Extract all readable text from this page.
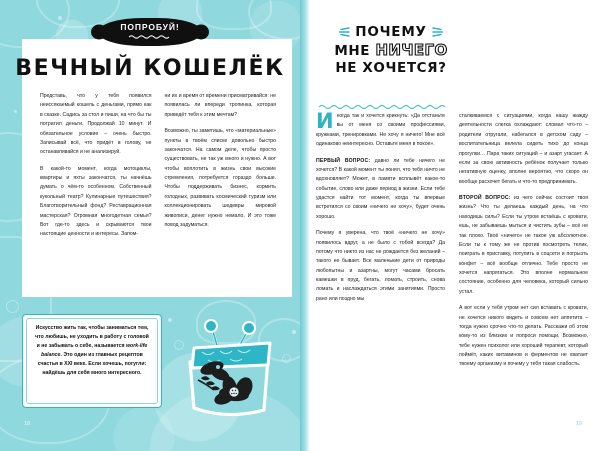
ПОПРОБУЙ!
ВЕЧНЫЙ КОШЕЛЁК

Представь, что у тебя появился неиссякаемый кошель с деньгами, прямо как в сказке. Садись за стол и пиши, на что бы ты потратил деньги. Продолжай 10 минут. И обязательное условие – очень быстро. Записывай всё, что придёт в голову, не останавливайся и не анализируй.

В какой-то момент, когда мотоциклы, квартиры и яхты закончатся, ты начнёшь думать о чём-то особенном. Собственный кукольный театр? Кулинарные путешествия? Благотворительный фонд? Реставрационная мастерская? Огромная многодетная семья? Вот где-то здесь и скрываются твои настоящие ценности и интересы. Запом-

ни их и время от времени присматривайся: не появилась ли впереди тропинка, которая приведёт тебя к этим мечтам?

Возможно, ты заметишь, что «материальные» пункты в твоём списке довольно быстро закончатся. На самом деле, чтобы просто существовать, не так уж много и нужно. А вот чтобы воплотить в жизнь свои высокие стремления, потребуется гораздо больше. Чтобы поддерживать бизнес, кормить голодных, развивать космический туризм или коллекционировать шедевры мировой живописи, денег нужно немало. И это тоже повод задуматься.

Искусство жить так, чтобы заниматься тем, что любишь, не уходить в работу с головой и не забывать о себе, называется work-life balance. Это один из главных рецептов счастья в XXI веке. Если хочешь, погугли: найдёшь для себя много интересного.

18
ПОЧЕМУ
МНЕ НИЧЕГО
НЕ ХОЧЕТСЯ?

Иногда так и хочется крикнуть: «Да отстаньте вы от меня со своими профессиями, кружками, тренировками. Не хочу я ничего! Мне всё одинаково неинтересно. Оставьте меня в покое».

ПЕРВЫЙ ВОПРОС: давно ли тебе ничего не хочется? В какой момент ты понял, что тебя ничто не вдохновляет? Может, в памяти всплывёт какое-то событие, слово или даже период в жизни. Если тебе удастся найти тот момент, когда ты впервые встретился со своим «ничего не хочу», будет очень хорошо.

Почему я уверена, что твоё «ничего не хочу» появилось вдруг, а не было с тобой всегда? Да потому что никто из нас не рождается без желаний – такого не бывает. Все маленькие дети от природы любопытны и азартны, могут часами бросать камешки в пруд, бегать, ломать, строить, снова ломать и наслаждаться этими занятиями. Просто рано или поздно мы

сталкиваемся с ситуациями, когда нашу жажду деятельности слегка охлаждают: сломал что-то – родители отругали, набегался в детском саду – воспитательница велела сидеть тихо до конца прогулки… Пара таких ситуаций – и азарт угасает. А если за свою активность ребёнок получает только негативную оценку, вполне вероятно, что скоро он вообще расхочет бегать и что-то предпринимать.

ВТОРОЙ ВОПРОС: из чего сейчас состоит твоя жизнь? Что ты делаешь каждый день, на что находишь силы? Если ты утром встаёшь с кровати, ешь, не забываешь мыться и чистить зубы – всё не так плохо. Твоё «ничего» не такое уж абсолютное. Если ты к тому же не против посмотреть телик, поиграть в приставку, потупить в соцсети и погрызть конфет – всё вообще отлично. Тебе просто не хочется напрягаться. Это вполне нормальное состояние, особенно для человека, который сильно устал.

А вот если у тебя утром нет сил вставать с кровати, не хочется никого видеть и совсем нет аппетита – тогда нужно срочно что-то делать. Расскажи об этом кому-то из близких и попроси помощи. Возможно, тебе нужен психолог или хороший терапевт, который поймёт, каких витаминов и ферментов не хватает твоему организму и почему у тебя такая слабость.

19
